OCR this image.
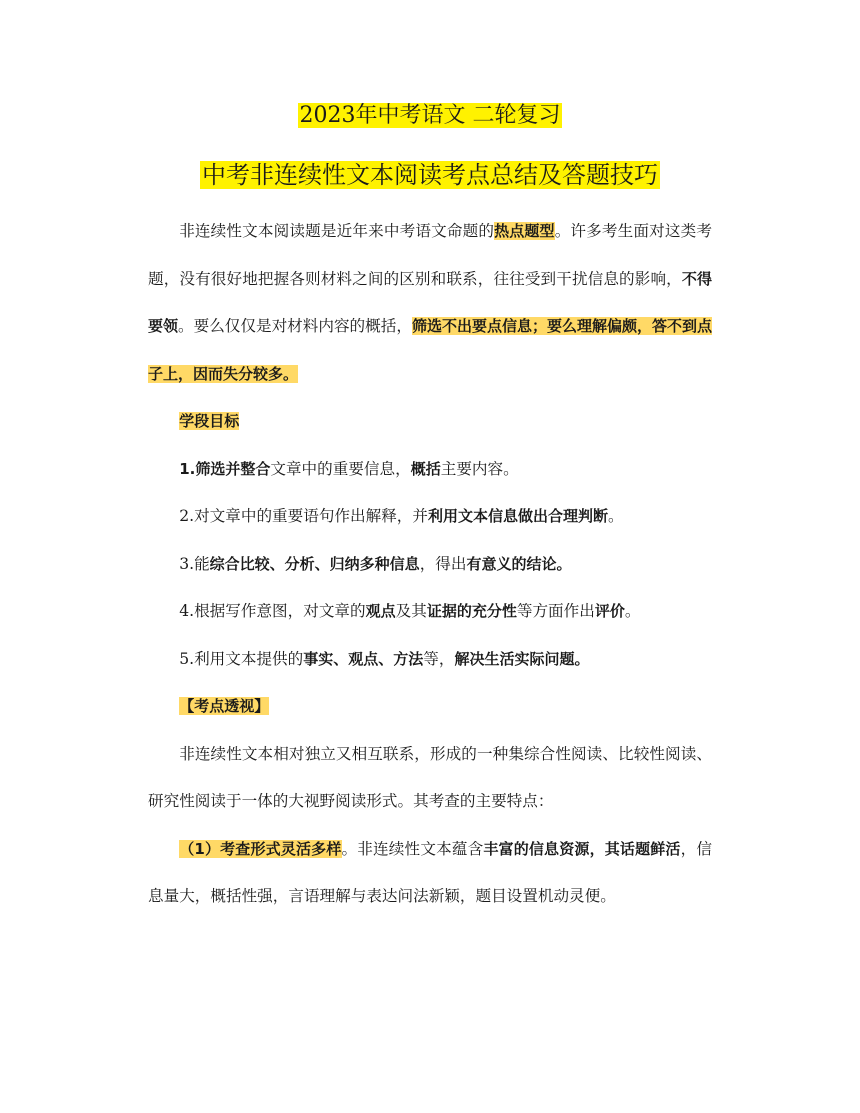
2023年中考语文 二轮复习
中考非连续性文本阅读考点总结及答题技巧

非连续性文本阅读题是近年来中考语文命题的热点题型。许多考生面对这类考题，没有很好地把握各则材料之间的区别和联系，往往受到干扰信息的影响，不得要领。要么仅仅是对材料内容的概括，筛选不出要点信息；要么理解偏颇，答不到点子上，因而失分较多。

学段目标

1.筛选并整合文章中的重要信息，概括主要内容。

2.对文章中的重要语句作出解释，并利用文本信息做出合理判断。

3.能综合比较、分析、归纳多种信息，得出有意义的结论。

4.根据写作意图，对文章的观点及其证据的充分性等方面作出评价。

5.利用文本提供的事实、观点、方法等，解决生活实际问题。

【考点透视】

非连续性文本相对独立又相互联系，形成的一种集综合性阅读、比较性阅读、研究性阅读于一体的大视野阅读形式。其考查的主要特点：

（1）考查形式灵活多样。非连续性文本蕴含丰富的信息资源，其话题鲜活，信息量大，概括性强，言语理解与表达问法新颖，题目设置机动灵便。
